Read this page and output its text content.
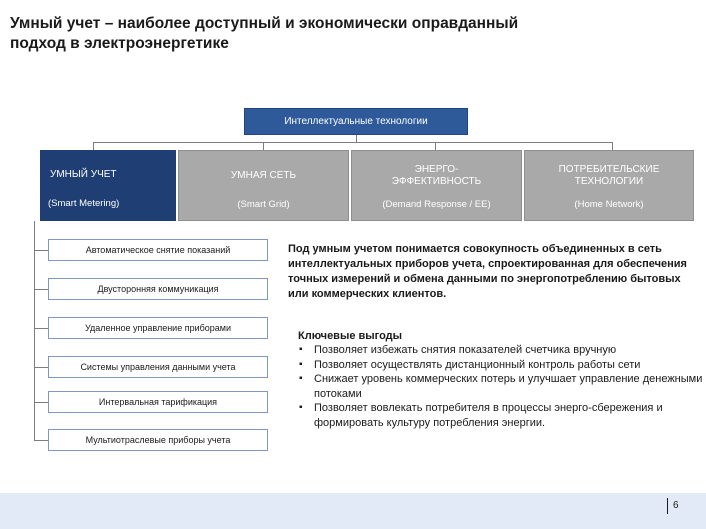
Умный учет – наиболее доступный и экономически оправданный
подход в электроэнергетике
Интеллектуальные технологии
УМНЫЙ УЧЕТ
(Smart Metering)
УМНАЯ СЕТЬ
(Smart Grid)
ЭНЕРГО-
ЭФФЕКТИВНОСТЬ
(Demand Response / EE)
ПОТРЕБИТЕЛЬСКИЕ
ТЕХНОЛОГИИ
(Home Network)
Автоматическое снятие показаний
Двусторонняя коммуникация
Удаленное управление приборами
Системы управления данными учета
Интервальная тарификация
Мультиотраслевые приборы учета
Под умным учетом понимается совокупность объединенных в сеть интеллектуальных приборов учета, спроектированная для обеспечения точных измерений и обмена данными по энергопотреблению бытовых или коммерческих клиентов.
Ключевые выгоды
▪ Позволяет избежать снятия показателей счетчика вручную
▪ Позволяет осуществлять дистанционный контроль работы сети
▪ Снижает уровень коммерческих потерь и улучшает управление денежными потоками
▪ Позволяет вовлекать потребителя в процессы энерго-сбережения и формировать культуру потребления энергии.
6
